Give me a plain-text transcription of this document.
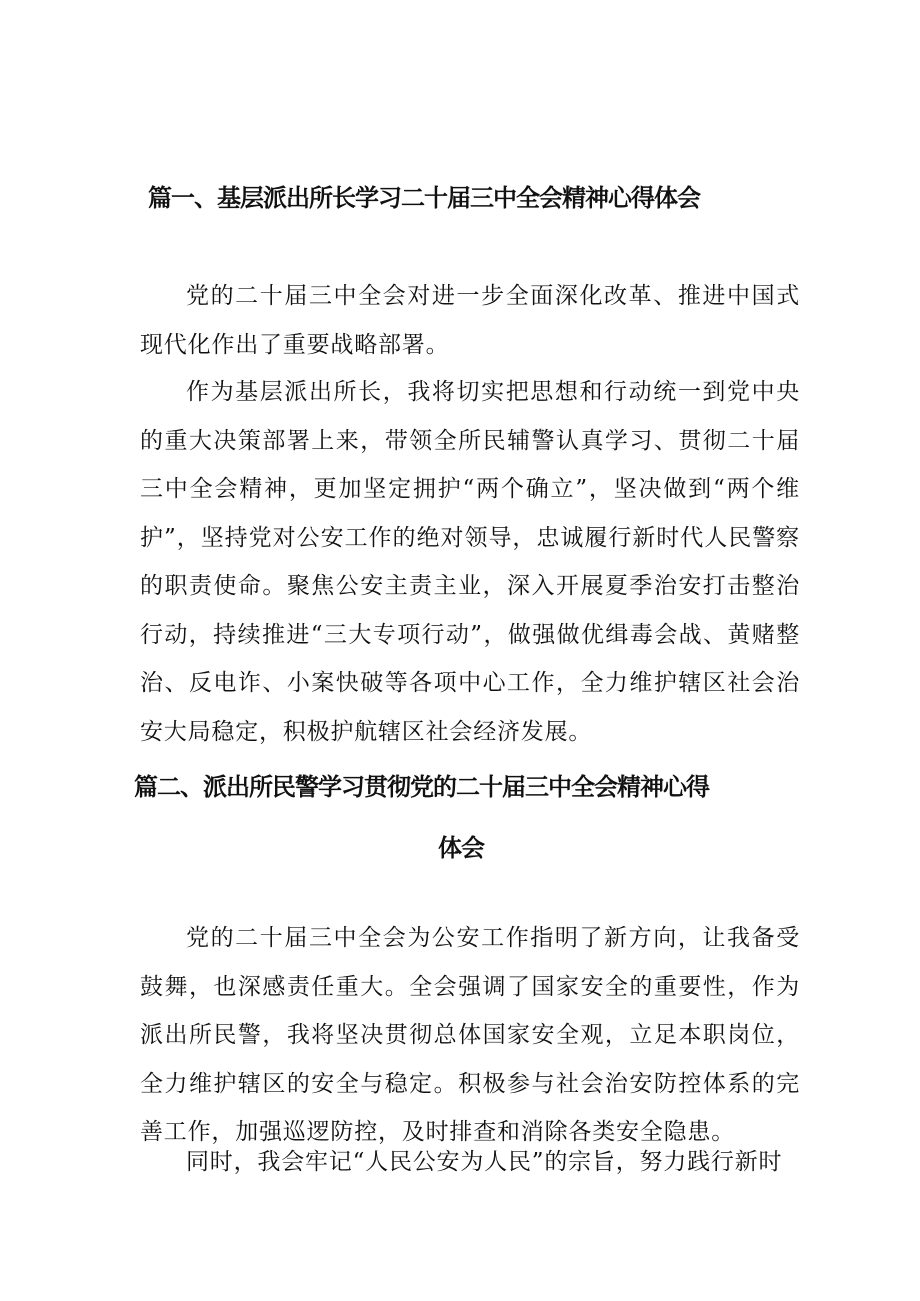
篇一、基层派出所长学习二十届三中全会精神心得体会

党的二十届三中全会对进一步全面深化改革、推进中国式现代化作出了重要战略部署。

作为基层派出所长，我将切实把思想和行动统一到党中央的重大决策部署上来，带领全所民辅警认真学习、贯彻二十届三中全会精神，更加坚定拥护“两个确立”，坚决做到“两个维护”，坚持党对公安工作的绝对领导，忠诚履行新时代人民警察的职责使命。聚焦公安主责主业，深入开展夏季治安打击整治行动，持续推进“三大专项行动”，做强做优缉毒会战、黄赌整治、反电诈、小案快破等各项中心工作，全力维护辖区社会治安大局稳定，积极护航辖区社会经济发展。

篇二、派出所民警学习贯彻党的二十届三中全会精神心得
体会

党的二十届三中全会为公安工作指明了新方向，让我备受鼓舞，也深感责任重大。全会强调了国家安全的重要性，作为派出所民警，我将坚决贯彻总体国家安全观，立足本职岗位，全力维护辖区的安全与稳定。积极参与社会治安防控体系的完善工作，加强巡逻防控，及时排查和消除各类安全隐患。

同时，我会牢记“人民公安为人民”的宗旨，努力践行新时
